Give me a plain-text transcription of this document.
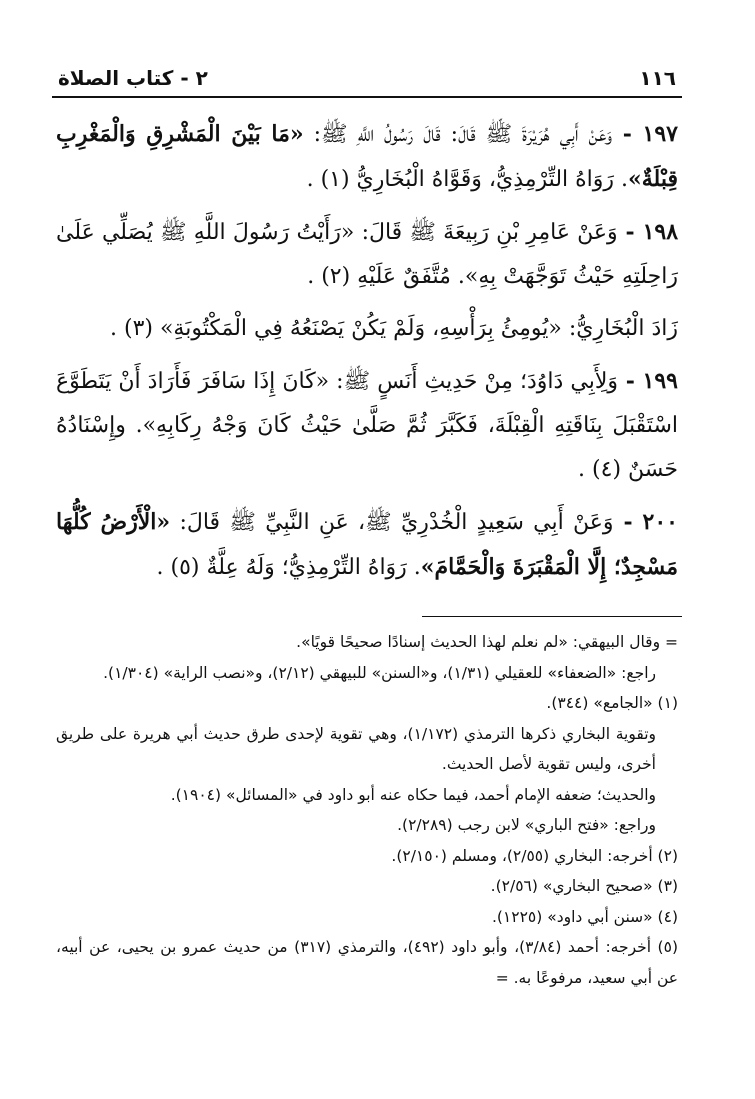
١١٦
٢ - كتاب الصلاة

١٩٧ - وَعَنْ أَبِي هُرَيْرَةَ ﷺ قَالَ: قَالَ رَسُولُ اللَّهِ ﷺ: «مَا بَيْنَ الْمَشْرِقِ وَالْمَغْرِبِ قِبْلَةٌ». رَوَاهُ التِّرْمِذِيُّ، وَقَوَّاهُ الْبُخَارِيُّ (١) .

١٩٨ - وَعَنْ عَامِرِ بْنِ رَبِيعَةَ ﷺ قَالَ: «رَأَيْتُ رَسُولَ اللَّهِ ﷺ يُصَلِّي عَلَىٰ رَاحِلَتِهِ حَيْثُ تَوَجَّهَتْ بِهِ». مُتَّفَقٌ عَلَيْهِ (٢) .

زَادَ الْبُخَارِيُّ: «يُومِئُ بِرَأْسِهِ، وَلَمْ يَكُنْ يَصْنَعُهُ فِي الْمَكْتُوبَةِ» (٣) .

١٩٩ - وَلِأَبِي دَاوُدَ؛ مِنْ حَدِيثِ أَنَسٍ ﷺ: «كَانَ إِذَا سَافَرَ فَأَرَادَ أَنْ يَتَطَوَّعَ اسْتَقْبَلَ بِنَاقَتِهِ الْقِبْلَةَ، فَكَبَّرَ ثُمَّ صَلَّىٰ حَيْثُ كَانَ وَجْهُ رِكَابِهِ». وإِسْنَادُهُ حَسَنٌ (٤) .

٢٠٠ - وَعَنْ أَبِي سَعِيدٍ الْخُدْرِيِّ ﷺ، عَنِ النَّبِيِّ ﷺ قَالَ: «الْأَرْضُ كُلُّهَا مَسْجِدٌ؛ إِلَّا الْمَقْبَرَةَ وَالْحَمَّامَ». رَوَاهُ التِّرْمِذِيُّ؛ وَلَهُ عِلَّةٌ (٥) .

= وقال البيهقي: «لم نعلم لهذا الحديث إسنادًا صحيحًا قويًا».
راجع: «الضعفاء» للعقيلي (١/٣١)، و«السنن» للبيهقي (٢/١٢)، و«نصب الراية» (١/٣٠٤).
(١) «الجامع» (٣٤٤).
وتقوية البخاري ذكرها الترمذي (١/١٧٢)، وهي تقوية لإحدى طرق حديث أبي هريرة على طريق أخرى، وليس تقوية لأصل الحديث.
والحديث؛ ضعفه الإمام أحمد، فيما حكاه عنه أبو داود في «المسائل» (١٩٠٤).
وراجع: «فتح الباري» لابن رجب (٢/٢٨٩).
(٢) أخرجه: البخاري (٢/٥٥)، ومسلم (٢/١٥٠).
(٣) «صحيح البخاري» (٢/٥٦).
(٤) «سنن أبي داود» (١٢٢٥).
(٥) أخرجه: أحمد (٣/٨٤)، وأبو داود (٤٩٢)، والترمذي (٣١٧) من حديث عمرو بن يحيى، عن أبيه، عن أبي سعيد، مرفوعًا به. =
